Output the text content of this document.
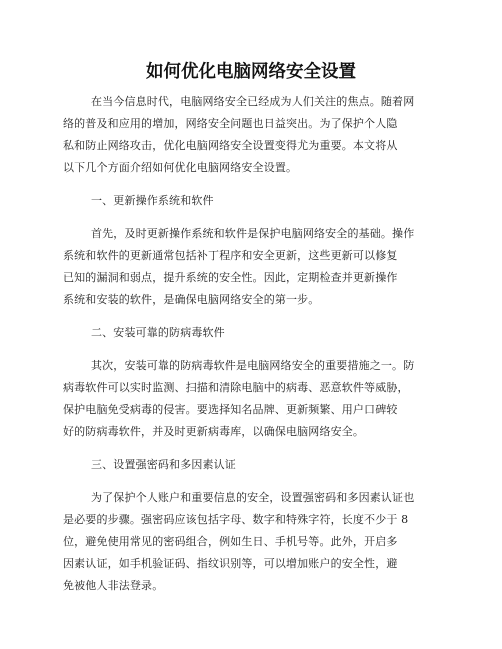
如何优化电脑网络安全设置
在当今信息时代，电脑网络安全已经成为人们关注的焦点。随着网
络的普及和应用的增加，网络安全问题也日益突出。为了保护个人隐
私和防止网络攻击，优化电脑网络安全设置变得尤为重要。本文将从
以下几个方面介绍如何优化电脑网络安全设置。
一、更新操作系统和软件
首先，及时更新操作系统和软件是保护电脑网络安全的基础。操作
系统和软件的更新通常包括补丁程序和安全更新，这些更新可以修复
已知的漏洞和弱点，提升系统的安全性。因此，定期检查并更新操作
系统和安装的软件，是确保电脑网络安全的第一步。
二、安装可靠的防病毒软件
其次，安装可靠的防病毒软件是电脑网络安全的重要措施之一。防
病毒软件可以实时监测、扫描和清除电脑中的病毒、恶意软件等威胁，
保护电脑免受病毒的侵害。要选择知名品牌、更新频繁、用户口碑较
好的防病毒软件，并及时更新病毒库，以确保电脑网络安全。
三、设置强密码和多因素认证
为了保护个人账户和重要信息的安全，设置强密码和多因素认证也
是必要的步骤。强密码应该包括字母、数字和特殊字符，长度不少于 8
位，避免使用常见的密码组合，例如生日、手机号等。此外，开启多
因素认证，如手机验证码、指纹识别等，可以增加账户的安全性，避
免被他人非法登录。
